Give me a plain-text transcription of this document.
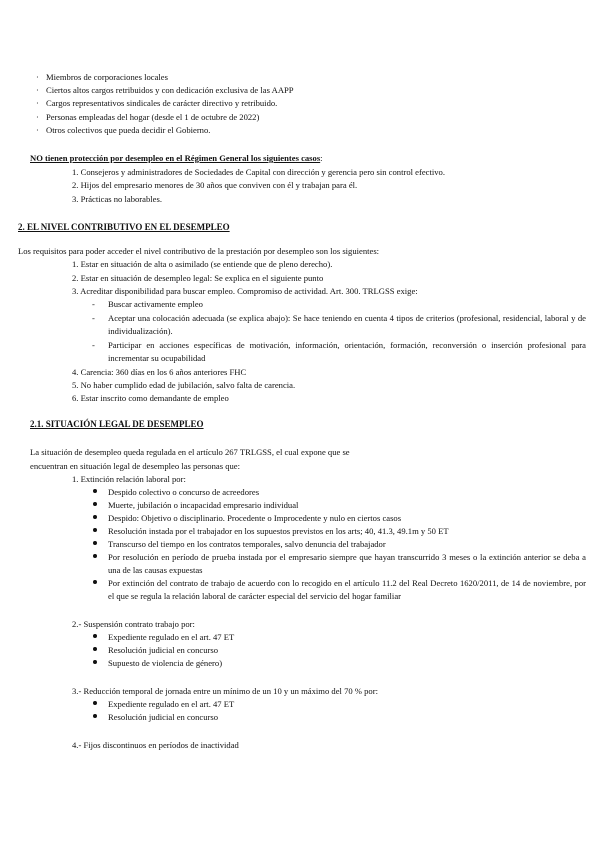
· Miembros de corporaciones locales
· Ciertos altos cargos retribuidos y con dedicación exclusiva de las AAPP
· Cargos representativos sindicales de carácter directivo y retribuido.
· Personas empleadas del hogar (desde el 1 de octubre de 2022)
· Otros colectivos que pueda decidir el Gobierno.
NO tienen protección por desempleo en el Régimen General los siguientes casos:
1. Consejeros y administradores de Sociedades de Capital con dirección y gerencia pero sin control efectivo.
2. Hijos del empresario menores de 30 años que conviven con él y trabajan para él.
3. Prácticas no laborables.
2. EL NIVEL CONTRIBUTIVO EN EL DESEMPLEO
Los requisitos para poder acceder el nivel contributivo de la prestación por desempleo son los siguientes:
1. Estar en situación de alta o asimilado (se entiende que de pleno derecho).
2. Estar en situación de desempleo legal: Se explica en el siguiente punto
3. Acreditar disponibilidad para buscar empleo. Compromiso de actividad. Art. 300. TRLGSS exige:
- Buscar activamente empleo
- Aceptar una colocación adecuada (se explica abajo): Se hace teniendo en cuenta 4 tipos de criterios (profesional, residencial, laboral y de individualización).
- Participar en acciones específicas de motivación, información, orientación, formación, reconversión o inserción profesional para incrementar su ocupabilidad
4. Carencia: 360 días en los 6 años anteriores FHC
5. No haber cumplido edad de jubilación, salvo falta de carencia.
6. Estar inscrito como demandante de empleo
2.1. SITUACIÓN LEGAL DE DESEMPLEO
La situación de desempleo queda regulada en el artículo 267 TRLGSS, el cual expone que se
encuentran en situación legal de desempleo las personas que:
1. Extinción relación laboral por:
Despido colectivo o concurso de acreedores
Muerte, jubilación o incapacidad empresario individual
Despido: Objetivo o disciplinario. Procedente o Improcedente y nulo en ciertos casos
Resolución instada por el trabajador en los supuestos previstos en los arts; 40, 41.3, 49.1m y 50 ET
Transcurso del tiempo en los contratos temporales, salvo denuncia del trabajador
Por resolución en período de prueba instada por el empresario siempre que hayan transcurrido 3 meses o la extinción anterior se deba a una de las causas expuestas
Por extinción del contrato de trabajo de acuerdo con lo recogido en el artículo 11.2 del Real Decreto 1620/2011, de 14 de noviembre, por el que se regula la relación laboral de carácter especial del servicio del hogar familiar
2.- Suspensión contrato trabajo por:
Expediente regulado en el art. 47 ET
Resolución judicial en concurso
Supuesto de violencia de género)
3.- Reducción temporal de jornada entre un mínimo de un 10 y un máximo del 70 % por:
Expediente regulado en el art. 47 ET
Resolución judicial en concurso
4.- Fijos discontinuos en períodos de inactividad
